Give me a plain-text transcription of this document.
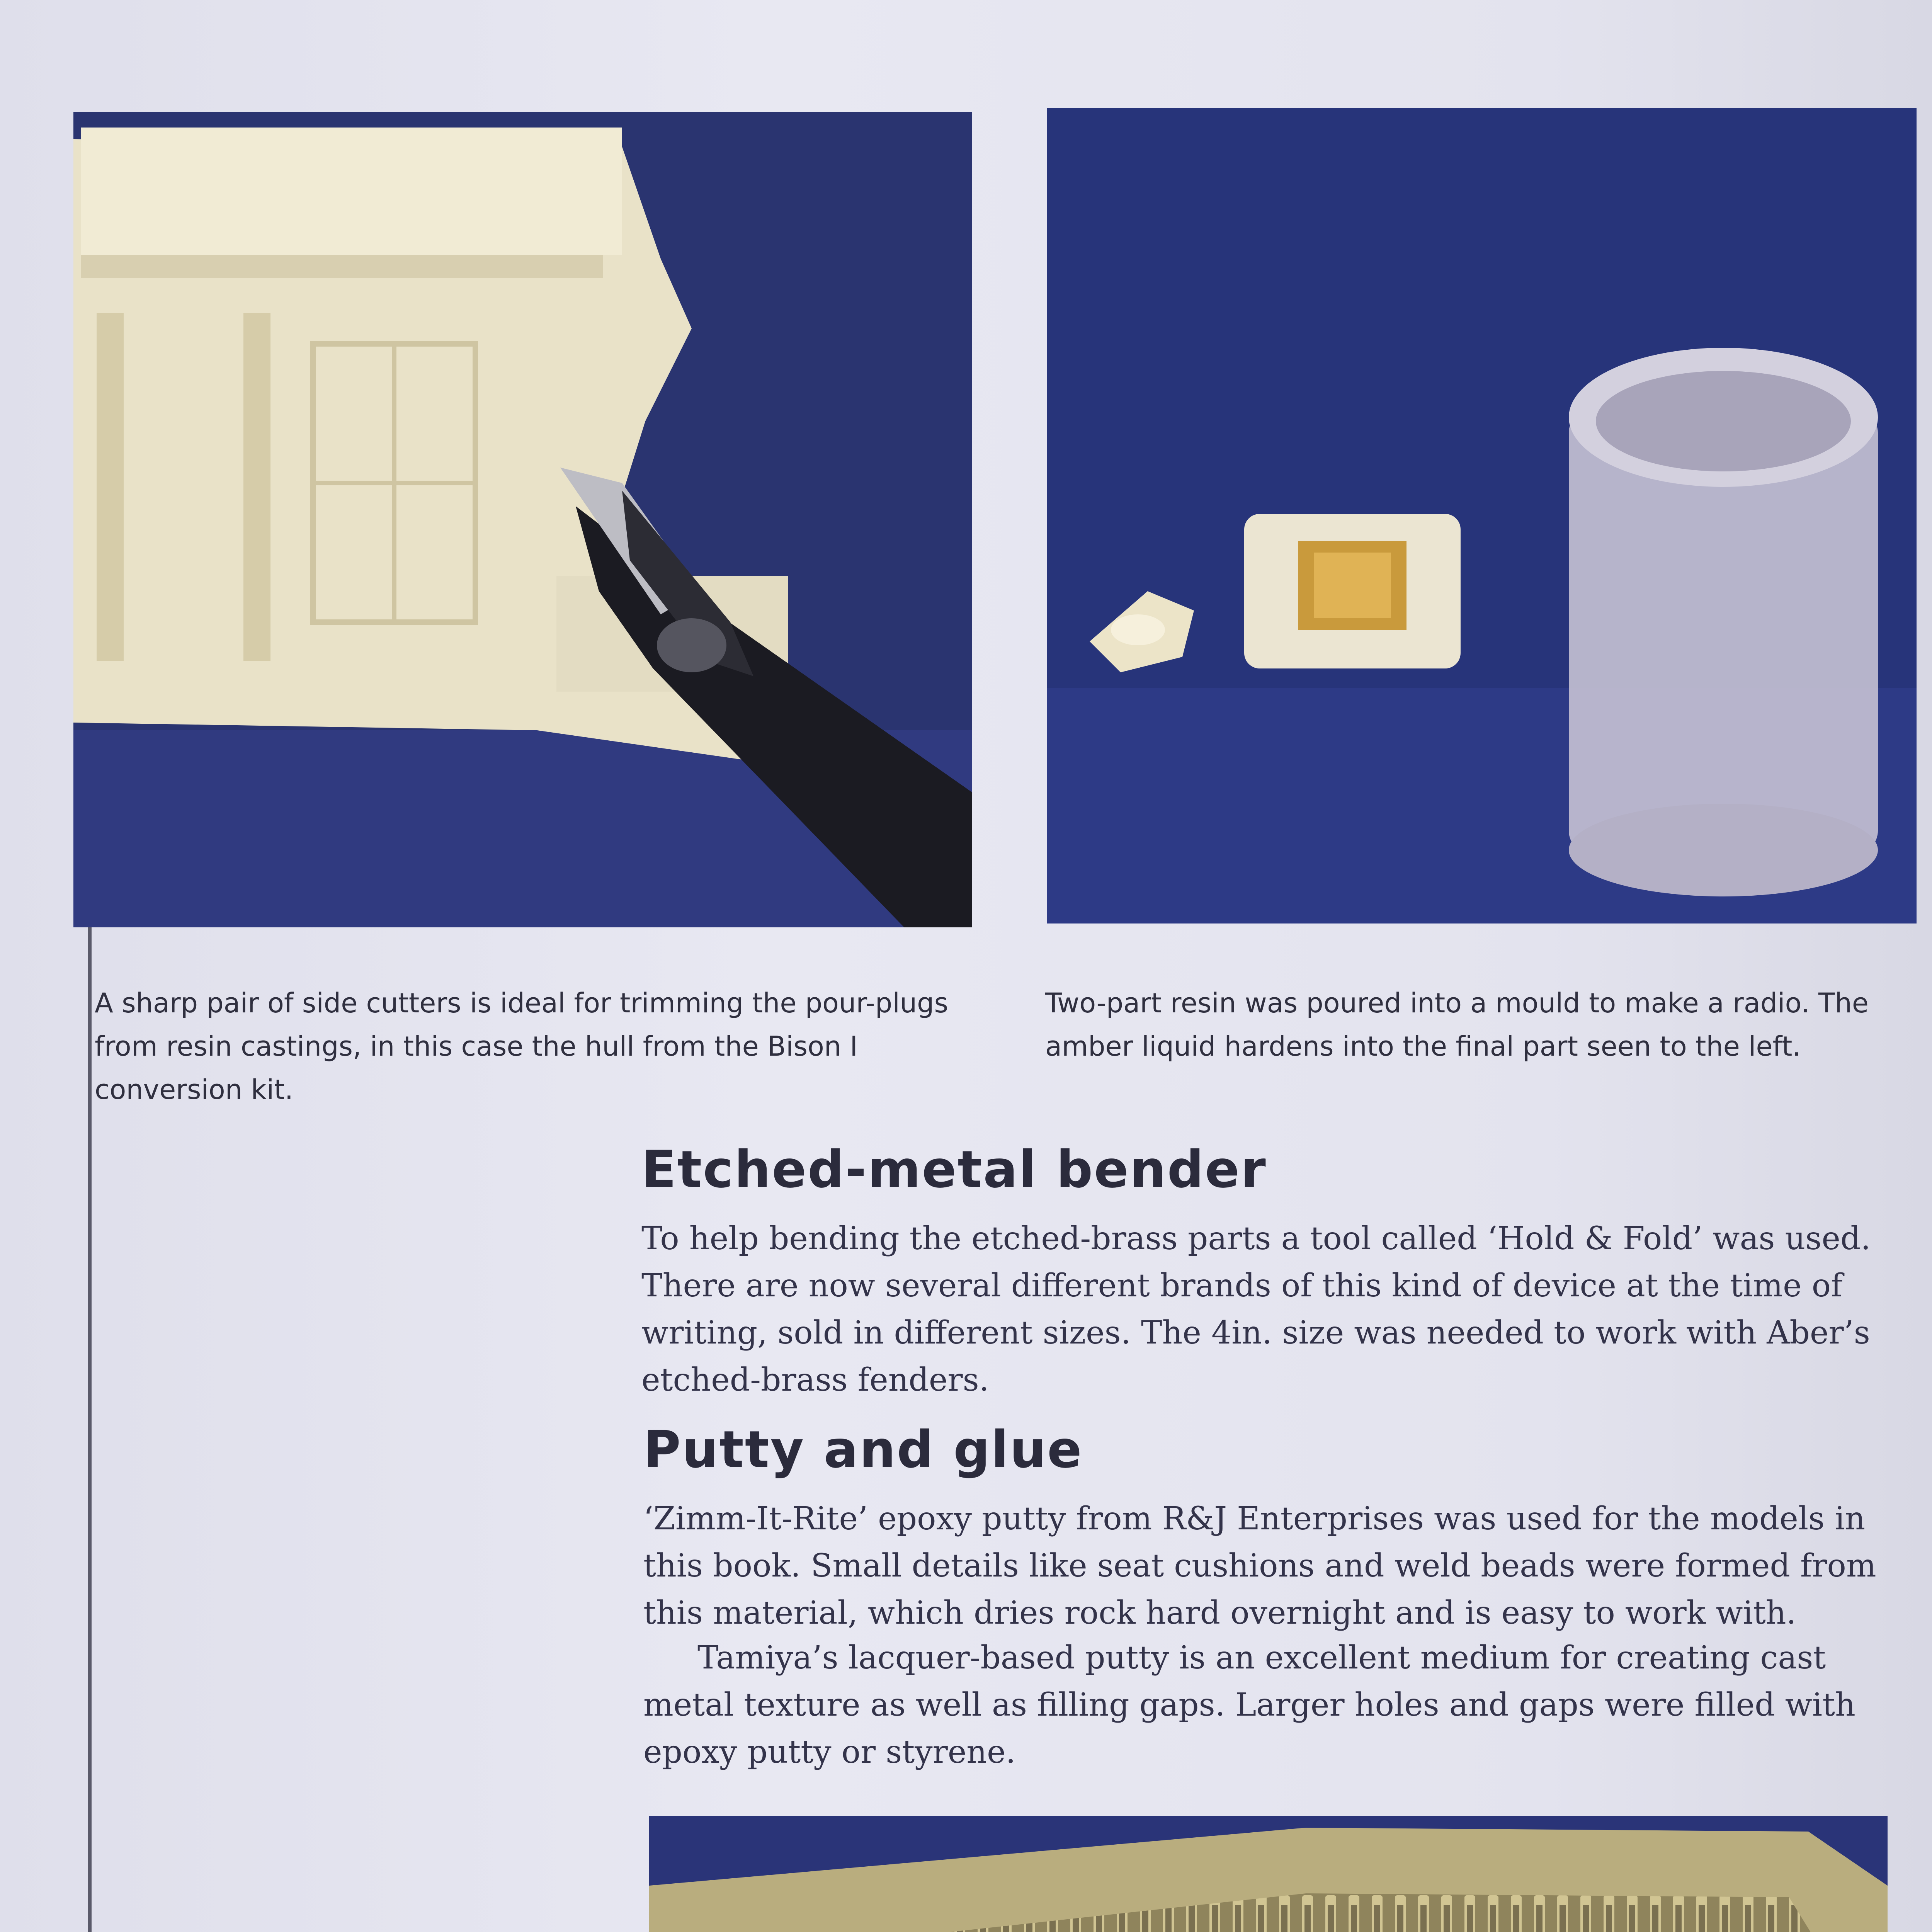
A sharp pair of side cutters is ideal for trimming the pour-plugs from resin castings, in this case the hull from the Bison I conversion kit.
Two-part resin was poured into a mould to make a radio. The amber liquid hardens into the final part seen to the left.
Etched-metal bender

To help bending the etched-brass parts a tool called ‘Hold & Fold’ was used. There are now several different brands of this kind of device at the time of writing, sold in different sizes. The 4in. size was needed to work with Aber’s etched-brass fenders.

Putty and glue

‘Zimm-It-Rite’ epoxy putty from R&J Enterprises was used for the models in this book. Small details like seat cushions and weld beads were formed from this material, which dries rock hard overnight and is easy to work with.

Tamiya’s lacquer-based putty is an excellent medium for creating cast metal texture as well as filling gaps. Larger holes and gaps were filled with epoxy putty or styrene.
